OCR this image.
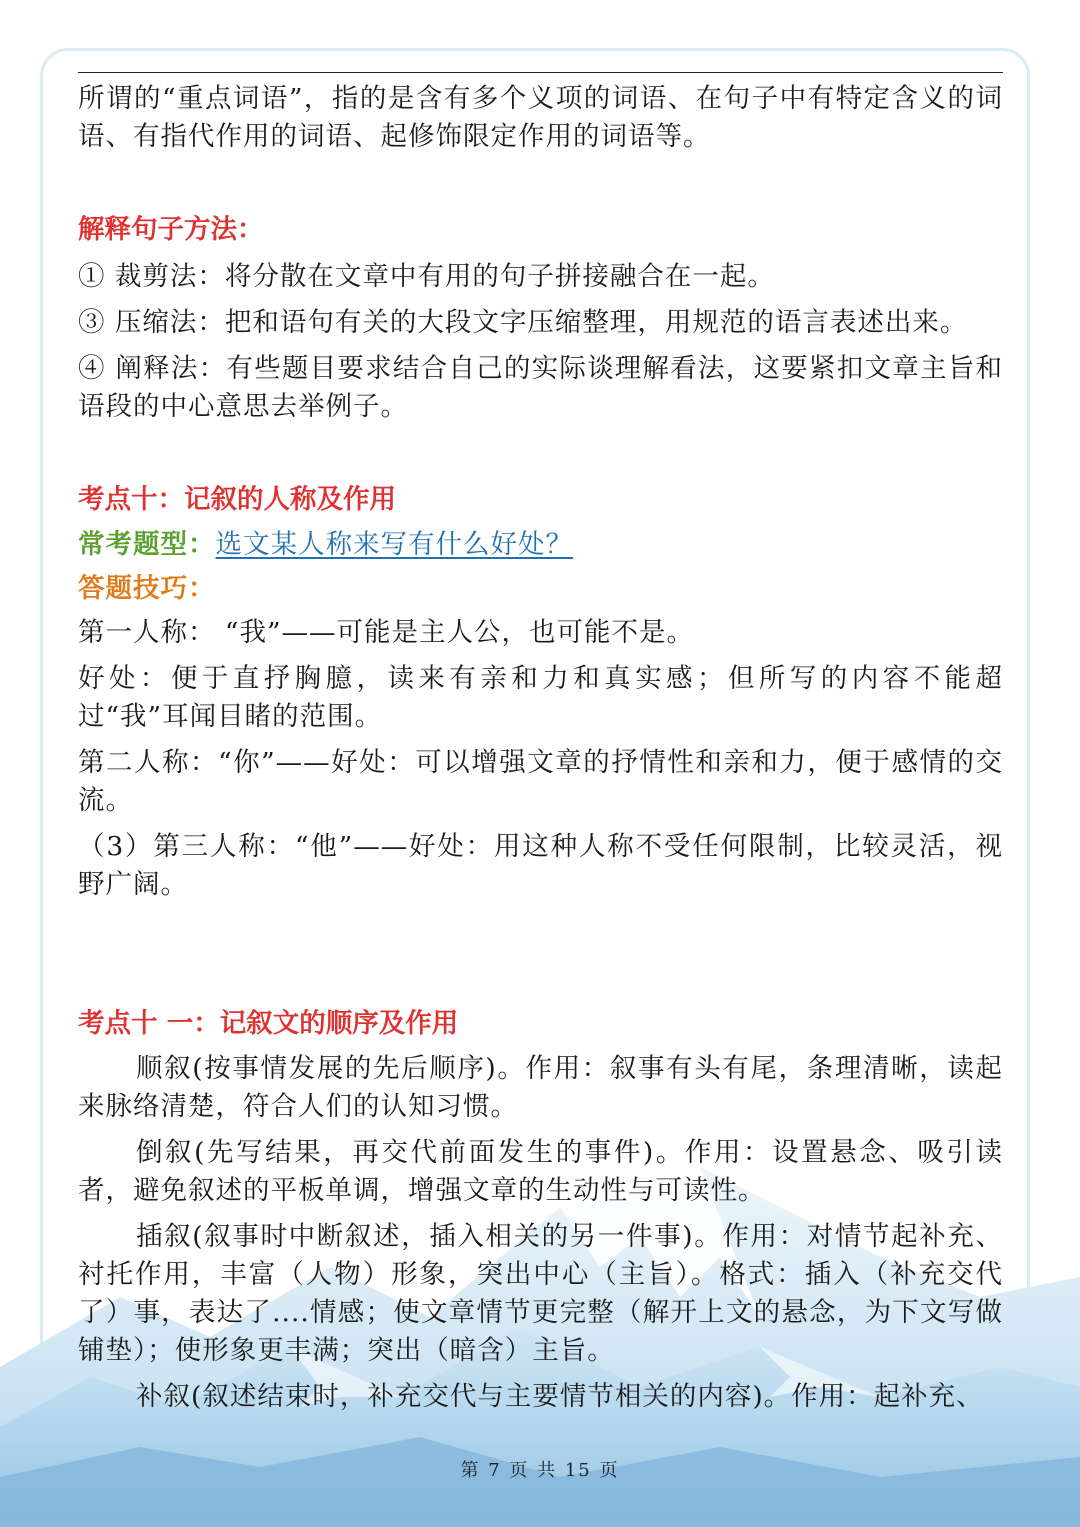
所谓的“重点词语”，指的是含有多个义项的词语、在句子中有特定含义的词语、有指代作用的词语、起修饰限定作用的词语等。

解释句子方法：

① 裁剪法：将分散在文章中有用的句子拼接融合在一起。

③ 压缩法：把和语句有关的大段文字压缩整理，用规范的语言表述出来。

④ 阐释法：有些题目要求结合自己的实际谈理解看法，这要紧扣文章主旨和语段的中心意思去举例子。

考点十：记叙的人称及作用

常考题型：选文某人称来写有什么好处？

答题技巧：

第一人称： “我”——可能是主人公，也可能不是。

好处：便于直抒胸臆，读来有亲和力和真实感；但所写的内容不能超过“我”耳闻目睹的范围。

第二人称：“你”——好处：可以增强文章的抒情性和亲和力，便于感情的交流。

（3）第三人称：“他”——好处：用这种人称不受任何限制，比较灵活，视野广阔。

考点十 一：记叙文的顺序及作用

顺叙(按事情发展的先后顺序)。作用：叙事有头有尾，条理清晰，读起来脉络清楚，符合人们的认知习惯。

倒叙(先写结果，再交代前面发生的事件)。作用：设置悬念、吸引读者，避免叙述的平板单调，增强文章的生动性与可读性。

插叙(叙事时中断叙述，插入相关的另一件事)。作用：对情节起补充、衬托作用，丰富（人物）形象，突出中心（主旨）。格式：插入（补充交代了）事，表达了....情感；使文章情节更完整（解开上文的悬念，为下文写做铺垫）；使形象更丰满；突出（暗含）主旨。

补叙(叙述结束时，补充交代与主要情节相关的内容)。作用：起补充、

第 7 页 共 15 页
